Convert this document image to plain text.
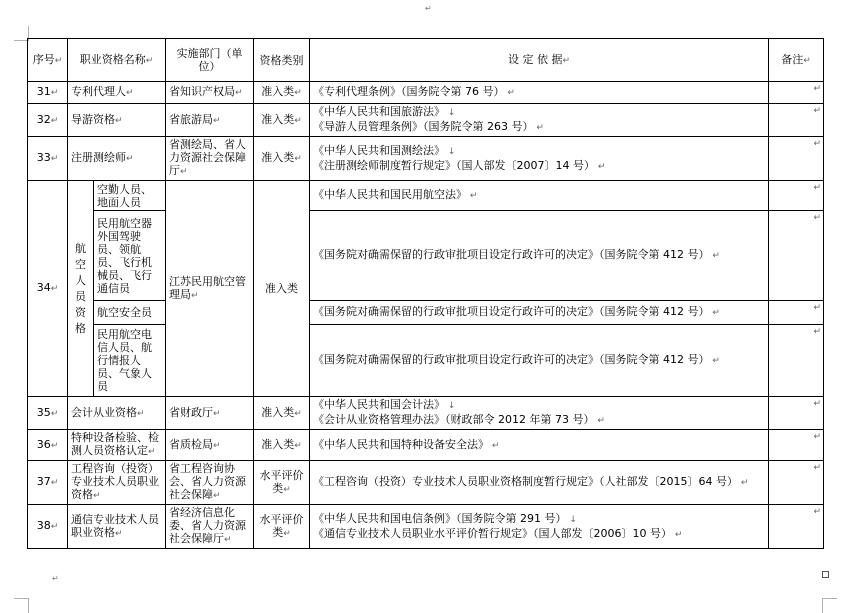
↵
↵
序号↵	职业资格名称↵		实施部门（单位）	资格类别	设 定 依 据↵	备注↵
31↵	专利代理人↵		省知识产权局↵	准入类↵	《专利代理条例》（国务院令第 76 号） ↵	↵

32↵	导游资格↵		省旅游局↵	准入类↵	《中华人民共和国旅游法》 ↓
《导游人员管理条例》（国务院令第 263 号） ↵	↵

33↵	注册测绘师↵		省测绘局、省人力资源社会保障厅↵	准入类↵	《中华人民共和国测绘法》 ↓
《注册测绘师制度暂行规定》（国人部发〔2007〕14 号） ↵	↵

34↵	航空人员资格	空勤人员、地面人员	江苏民用航空管理局↵	准入类	《中华人民共和国民用航空法》 ↵	↵

		民用航空器外国驾驶员、领航员、飞行机械员、飞行通信员			《国务院对确需保留的行政审批项目设定行政许可的决定》（国务院令第 412 号） ↵	↵

		航空安全员			《国务院对确需保留的行政审批项目设定行政许可的决定》（国务院令第 412 号） ↵	↵

		民用航空电信人员、航行情报人员、气象人员			《国务院对确需保留的行政审批项目设定行政许可的决定》（国务院令第 412 号） ↵	↵

35↵	会计从业资格↵		省财政厅↵	准入类↵	《中华人民共和国会计法》 ↓
《会计从业资格管理办法》（财政部令 2012 年第 73 号） ↵	↵

36↵	特种设备检验、检测人员资格认定↵		省质检局↵	准入类↵	《中华人民共和国特种设备安全法》 ↵	↵

37↵	工程咨询（投资）专业技术人员职业资格↵		省工程咨询协会、省人力资源社会保障↵	水平评价类↵	《工程咨询（投资）专业技术人员职业资格制度暂行规定》（人社部发〔2015〕64 号） ↵	↵

38↵	通信专业技术人员职业资格↵		省经济信息化委、省人力资源社会保障厅↵	水平评价类↵	《中华人民共和国电信条例》（国务院令第 291 号） ↓
《通信专业技术人员职业水平评价暂行规定》（国人部发〔2006〕10 号） ↵	↵
